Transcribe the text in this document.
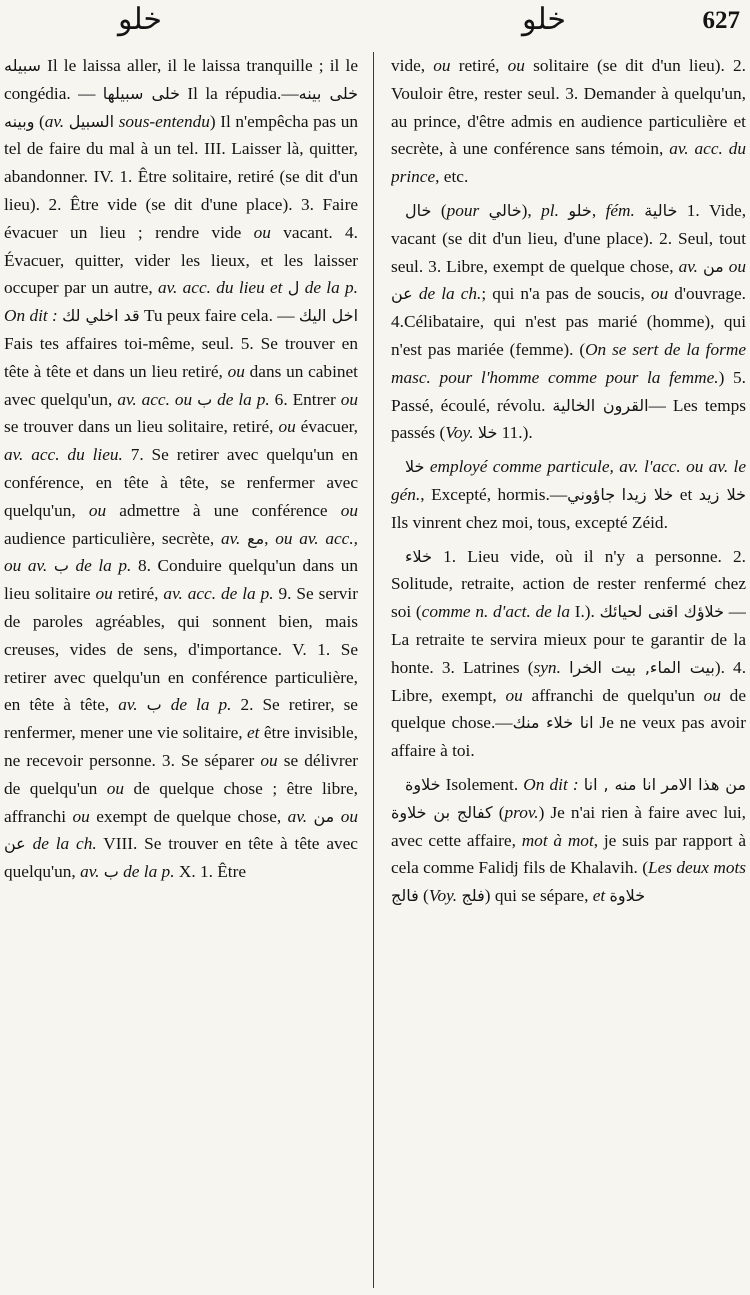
خلو	خلو	627

سبيله Il le laissa aller, il le laissa tranquille ; il le congédia. — خلى سبيلها Il la répudia.—خلى بينه وبينه (av. السبيل sous-entendu) Il n'empêcha pas un tel de faire du mal à un tel. III. Laisser là, quitter, abandonner. IV. 1. Être solitaire, retiré (se dit d'un lieu). 2. Être vide (se dit d'une place). 3. Faire évacuer un lieu ; rendre vide ou vacant. 4. Évacuer, quitter, vider les lieux, et les laisser occuper par un autre, av. acc. du lieu et ل de la p. On dit : قد اخلي لك Tu peux faire cela. — اخل اليك Fais tes affaires toi-même, seul. 5. Se trouver en tête à tête et dans un lieu retiré, ou dans un cabinet avec quelqu'un, av. acc. ou ب de la p. 6. Entrer ou se trouver dans un lieu solitaire, retiré, ou évacuer, av. acc. du lieu. 7. Se retirer avec quelqu'un en conférence, en tête à tête, se renfermer avec quelqu'un, ou admettre à une conférence ou audience particulière, secrète, av. مع, ou av. acc., ou av. ب de la p. 8. Conduire quelqu'un dans un lieu solitaire ou retiré, av. acc. de la p. 9. Se servir de paroles agréables, qui sonnent bien, mais creuses, vides de sens, d'importance. V. 1. Se retirer avec quelqu'un en conférence particulière, en tête à tête, av. ب de la p. 2. Se retirer, se renfermer, mener une vie solitaire, et être invisible, ne recevoir personne. 3. Se séparer ou se délivrer de quelqu'un ou de quelque chose ; être libre, affranchi ou exempt de quelque chose, av. من ou عن de la ch. VIII. Se trouver en tête à tête avec quelqu'un, av. ب de la p. X. 1. Être

vide, ou retiré, ou solitaire (se dit d'un lieu). 2. Vouloir être, rester seul. 3. Demander à quelqu'un, au prince, d'être admis en audience particulière et secrète, à une conférence sans témoin, av. acc. du prince, etc.

خال (pour خالي), pl. خلو, fém. خالية 1. Vide, vacant (se dit d'un lieu, d'une place). 2. Seul, tout seul. 3. Libre, exempt de quelque chose, av. من ou عن de la ch.; qui n'a pas de soucis, ou d'ouvrage. 4.Célibataire, qui n'est pas marié (homme), qui n'est pas mariée (femme). (On se sert de la forme masc. pour l'homme comme pour la femme.) 5. Passé, écoulé, révolu. القرون الخالية— Les temps passés (Voy. خلا 11.).

خلا employé comme particule, av. l'acc. ou av. le gén., Excepté, hormis.—جاؤوني خلا زيدا et خلا زيد Ils vinrent chez moi, tous, excepté Zéid.

خلاء 1. Lieu vide, où il n'y a personne. 2. Solitude, retraite, action de rester renfermé chez soi (comme n. d'act. de la I.). خلاؤك اقنى لحيائك — La retraite te servira mieux pour te garantir de la honte. 3. Latrines (syn. بيت الماء, بيت الخرا). 4. Libre, exempt, ou affranchi de quelqu'un ou de quelque chose.—انا خلاء منك Je ne veux pas avoir affaire à toi.

خلاوة Isolement. On dit : انا منه , انا من هذا الامر كفالج بن خلاوة (prov.) Je n'ai rien à faire avec lui, avec cette affaire, mot à mot, je suis par rapport à cela comme Falidj fils de Khalavih. (Les deux mots فالج (Voy. فلج) qui se sépare, et خلاوة
